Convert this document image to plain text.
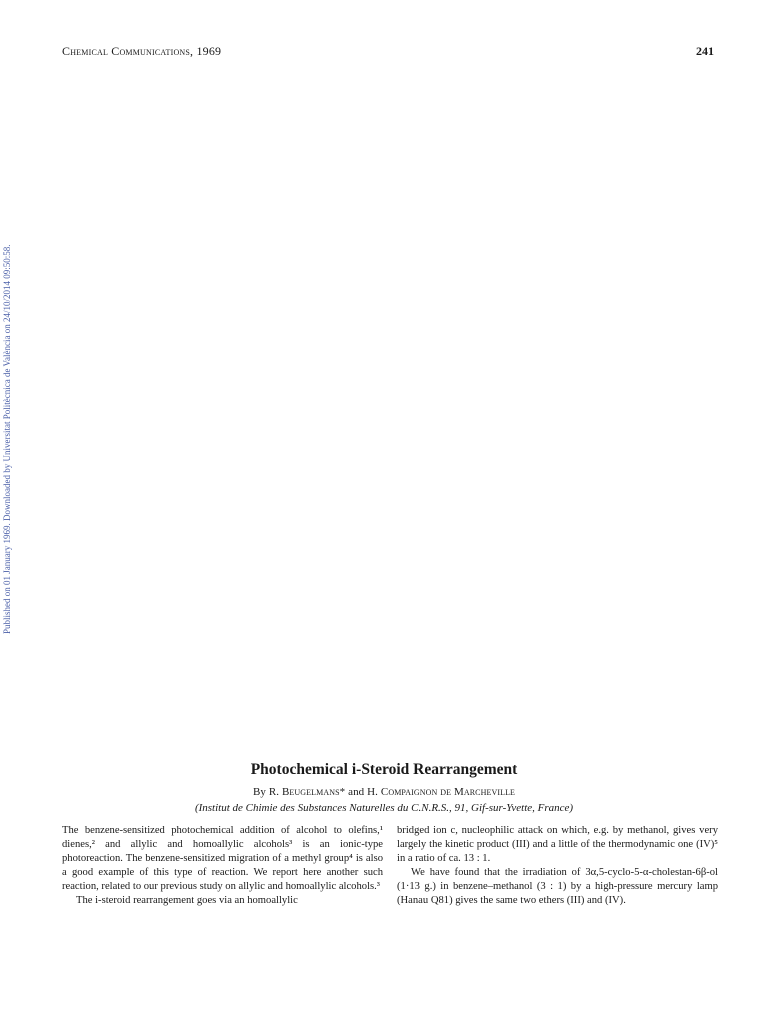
Chemical Communications, 1969	241
Published on 01 January 1969. Downloaded by Universitat Politècnica de València on 24/10/2014 09:50:58.
Photochemical i-Steroid Rearrangement
By R. Beugelmans* and H. Compaignon de Marcheville
(Institut de Chimie des Substances Naturelles du C.N.R.S., 91, Gif-sur-Yvette, France)

The benzene-sensitized photochemical addition of alcohol to olefins,¹ dienes,² and allylic and homoallylic alcohols³ is an ionic-type photoreaction. The benzene-sensitized migration of a methyl group⁴ is also a good example of this type of reaction. We report here another such reaction, related to our previous study on allylic and homoallylic alcohols.³

The i-steroid rearrangement goes via an homoallylic

bridged ion c, nucleophilic attack on which, e.g. by methanol, gives very largely the kinetic product (III) and a little of the thermodynamic one (IV)⁵ in a ratio of ca. 13 : 1.

We have found that the irradiation of 3α,5-cyclo-5-α-cholestan-6β-ol (1·13 g.) in benzene–methanol (3 : 1) by a high-pressure mercury lamp (Hanau Q81) gives the same two ethers (III) and (IV).
